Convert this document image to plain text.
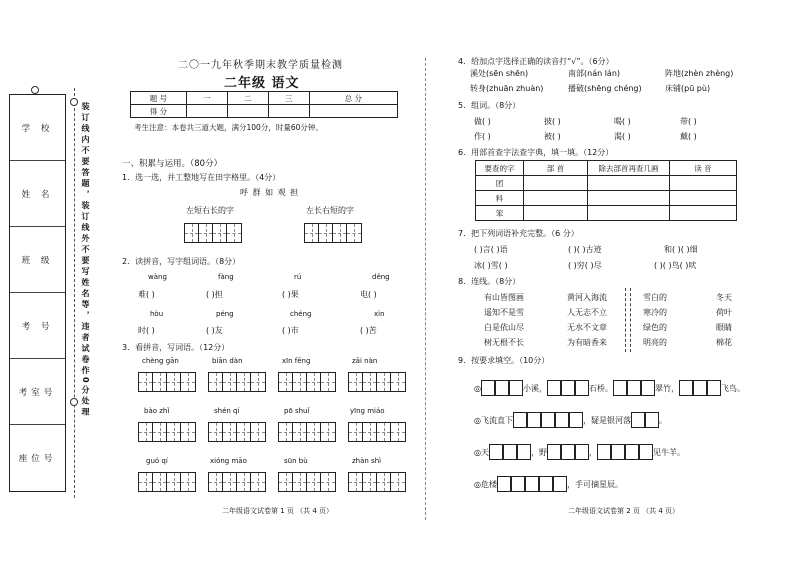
学 校
姓 名
班 级
考 号
考室号
座位号
装订线内不要答题，装订线外不要写姓名等，违者试卷作0分处理
二〇一九年秋季期末教学质量检测
二年级 语文
题 号	一	二	三	总 分
得 分				
考生注意：本卷共三道大题，满分100分，时量60分钟。
一、积累与运用。（80分）
1．选一选，并工整地写在田字格里。（4分）
呼 群 如 观 担
左短右长的字	左长右短的字
2．读拼音，写字组词语。（8分）
wàng	fàng	rú	děng
难( )	( )担	( )果	电( )
hòu	péng	chéng	xìn
时( )	( )友	( )市	( )苦
3．看拼音，写词语。（12分）
chèng gān	biān dàn	xīn fēng	zāi nàn
bào zhǐ	shén qí	pō shuǐ	yīng miáo
guó qí	xióng māo	sūn bù	zhàn shì
二年级语文试卷第 1 页 （共 4 页）
4．给加点字选择正确的读音打“√”。（6分）
溪处(sēn shēn)	南部(nán lán)	阵地(zhèn zhèng)
转身(zhuān zhuàn)	播破(shēng chéng)	床铺(pū pù)
5．组词。（8分）
做( )	披( )	喝( )	带( )
作( )	被( )	渴( )	戴( )
6．用部首查字法查字典，填一填。（12分）
要查的字	部 首	除去部首再查几画	读 音
团			
料			
笨			
7．把下列词语补充完整。（6 分）
( )言( )语	( )( )古迹	和( )( )细
冰( )雪( )	( )穷( )尽	( )( )鸟( )吠
8．连线。（8分）
有山皆图画
遥知不是雪
白是依山尽
树无根不长
黄河入海流
人无志不立
无水不文章
为有暗香来
雪白的
寒冷的
绿色的
明亮的
冬天
荷叶
眼睛
棉花
9．按要求填空。（10分）
◎	小溪，	石桥。	翠竹，	飞鸟。
◎飞流直下	，疑是银河落	。
◎天	，野	，	见牛羊。
◎危楼	，手可摘星辰。
二年级语文试卷第 2 页 （共 4 页）
